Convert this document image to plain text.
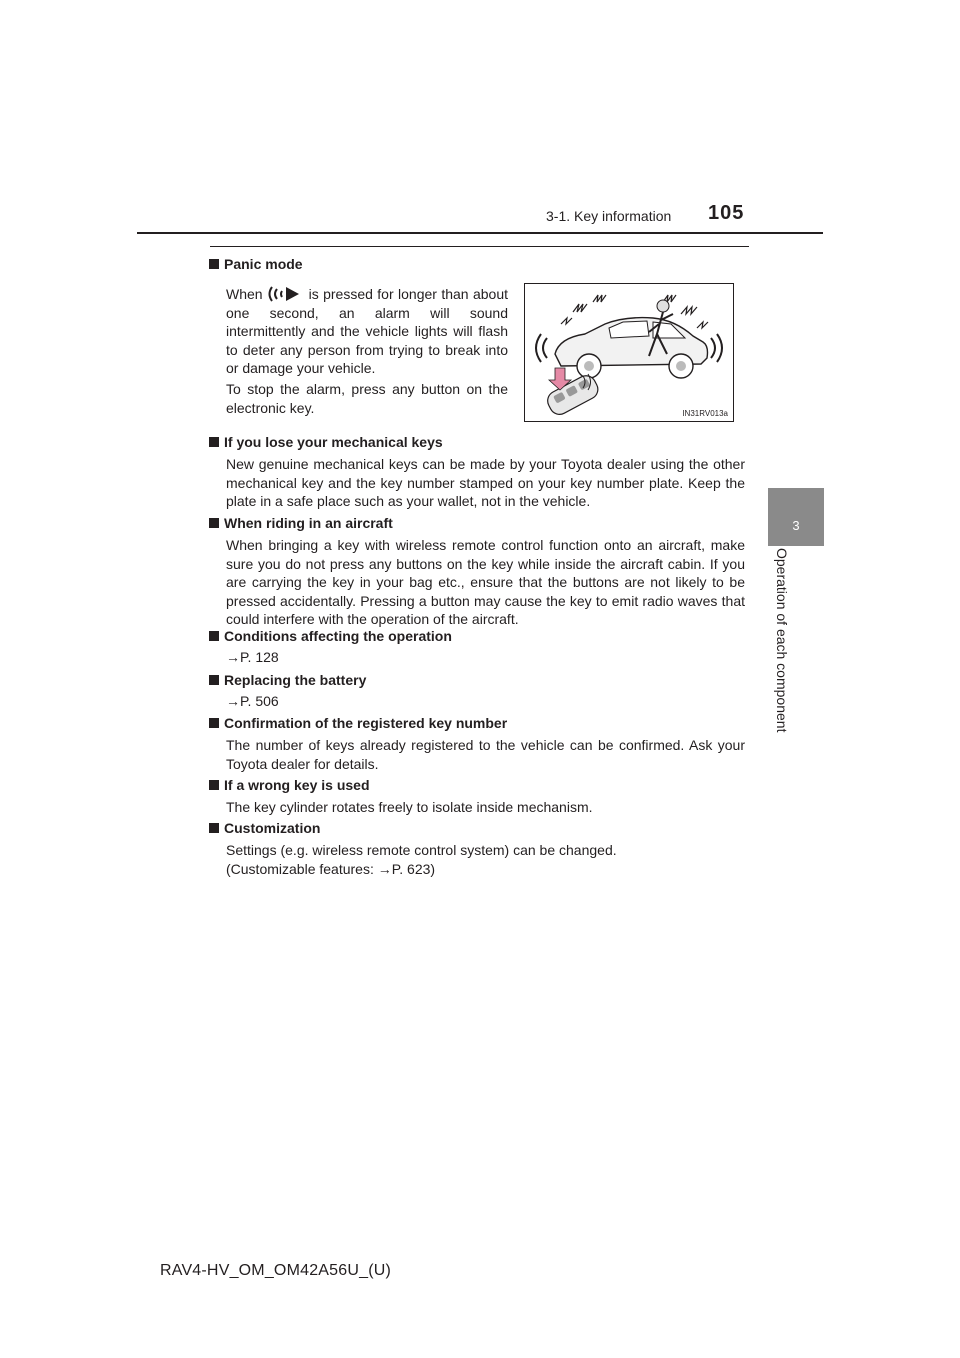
3-1. Key information 105
3
Operation of each component
Panic mode
When	is pressed for longer than about one second, an alarm will sound intermittently and the vehicle lights will flash to deter any person from trying to break into or damage your vehicle.
To stop the alarm, press any button on the electronic key.	IN31RV013a
If you lose your mechanical keys
New genuine mechanical keys can be made by your Toyota dealer using the other mechanical key and the key number stamped on your key number plate. Keep the plate in a safe place such as your wallet, not in the vehicle.
When riding in an aircraft
When bringing a key with wireless remote control function onto an aircraft, make sure you do not press any buttons on the key while inside the aircraft cabin. If you are carrying the key in your bag etc., ensure that the buttons are not likely to be pressed accidentally. Pressing a button may cause the key to emit radio waves that could interfere with the operation of the aircraft.
Conditions affecting the operation
→P. 128
Replacing the battery
→P. 506
Confirmation of the registered key number
The number of keys already registered to the vehicle can be confirmed. Ask your Toyota dealer for details.
If a wrong key is used
The key cylinder rotates freely to isolate inside mechanism.
Customization
Settings (e.g. wireless remote control system) can be changed.
(Customizable features: →P. 623)
RAV4-HV_OM_OM42A56U_(U)
